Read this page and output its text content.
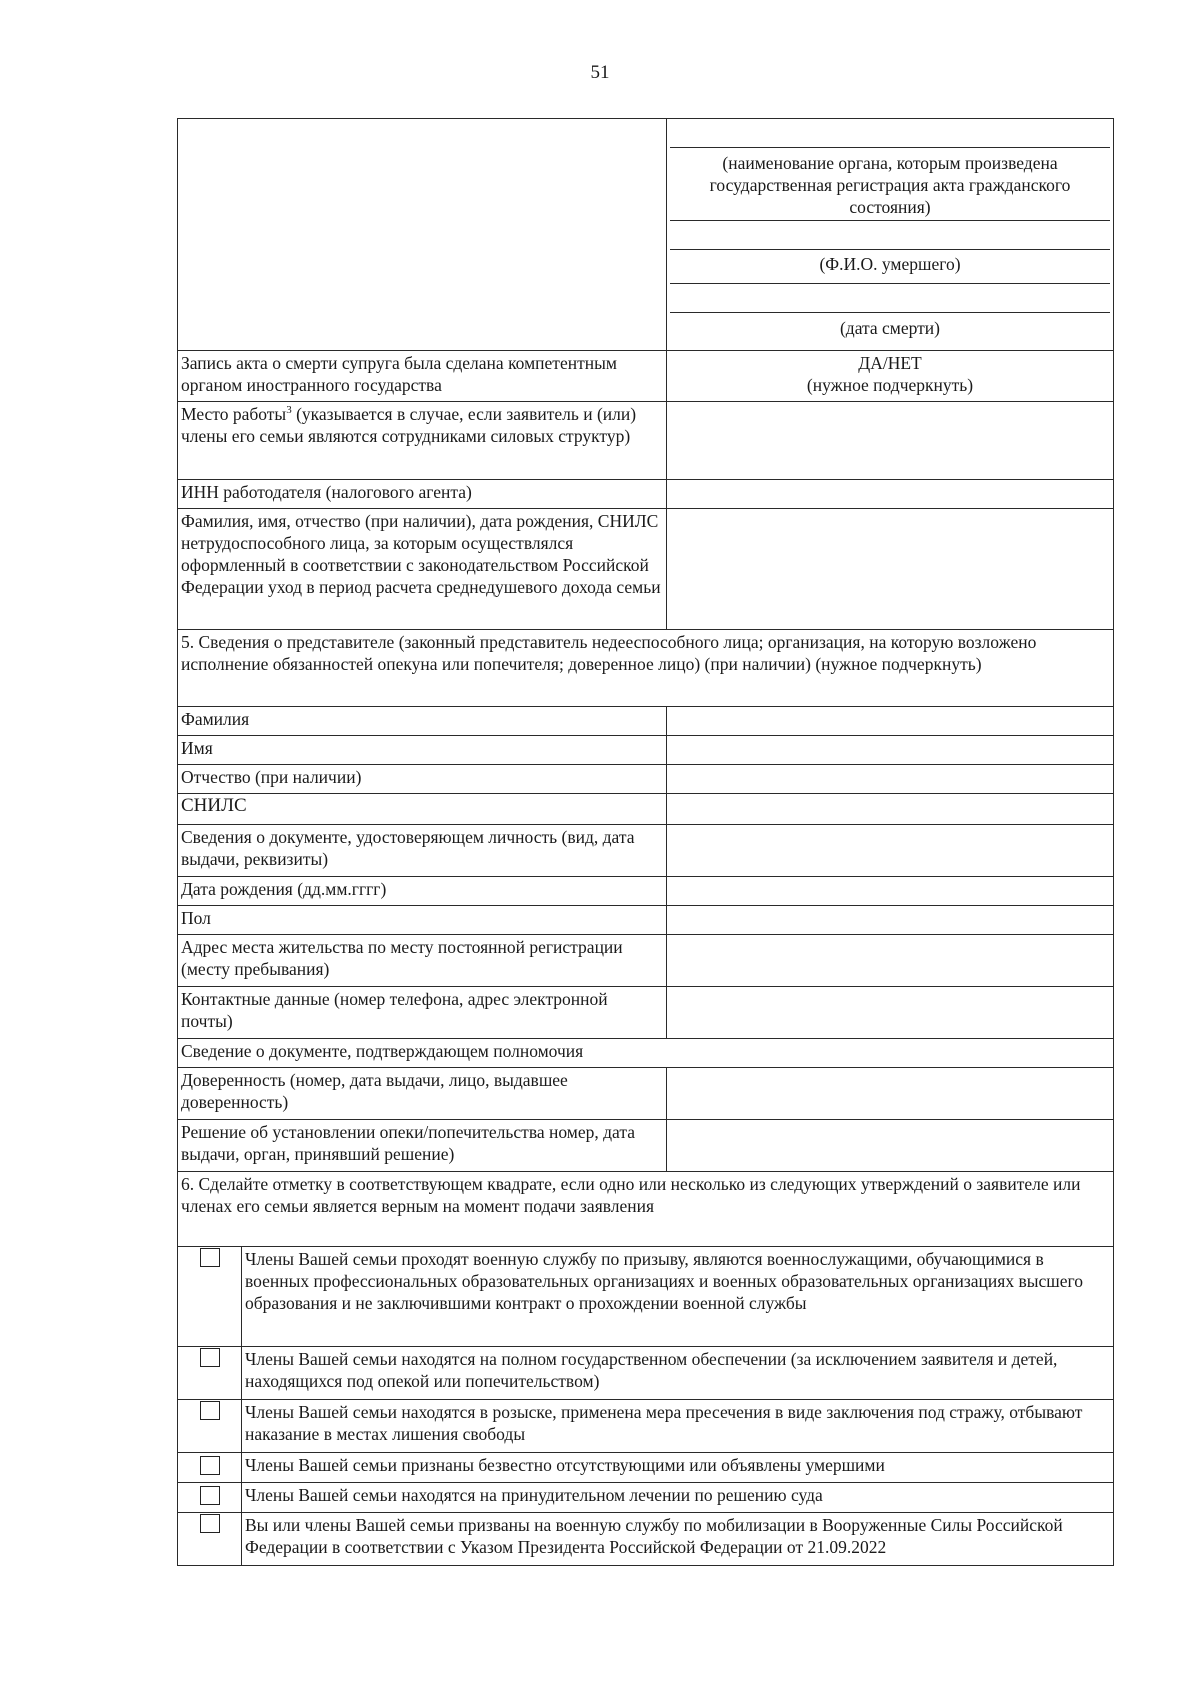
51

		(наименование органа, которым произведена государственная регистрация акта гражданского состояния)
(Ф.И.О. умершего)
(дата смерти)

Запись акта о смерти супруга была сделана компетентным органом иностранного государства		ДА/НЕТ
(нужное подчеркнуть)

Место работы$^3$ (указывается в случае, если заявитель и (или) члены его семьи являются сотрудниками силовых структур)		
ИНН работодателя (налогового агента)		
Фамилия, имя, отчество (при наличии), дата рождения, СНИЛС нетрудоспособного лица, за которым осуществлялся оформленный в соответствии с законодательством Российской Федерации уход в период расчета среднедушевого дохода семьи		
5. Сведения о представителе (законный представитель недееспособного лица; организация, на которую возложено исполнение обязанностей опекуна или попечителя; доверенное лицо) (при наличии) (нужное подчеркнуть)		
Фамилия		
Имя		
Отчество (при наличии)		
СНИЛС		
Сведения о документе, удостоверяющем личность (вид, дата выдачи, реквизиты)		
Дата рождения (дд.мм.гггг)		
Пол		
Адрес места жительства по месту постоянной регистрации (месту пребывания)		
Контактные данные (номер телефона, адрес электронной почты)		
Сведение о документе, подтверждающем полномочия		
Доверенность (номер, дата выдачи, лицо, выдавшее доверенность)		
Решение об установлении опеки/попечительства номер, дата выдачи, орган, принявший решение)		
6. Сделайте отметку в соответствующем квадрате, если одно или несколько из следующих утверждений о заявителе или членах его семьи является верным на момент подачи заявления		
	Члены Вашей семьи проходят военную службу по призыву, являются военнослужащими, обучающимися в военных профессиональных образовательных организациях и военных образовательных организациях высшего образования и не заключившими контракт о прохождении военной службы	
	Члены Вашей семьи находятся на полном государственном обеспечении (за исключением заявителя и детей, находящихся под опекой или попечительством)	
	Члены Вашей семьи находятся в розыске, применена мера пресечения в виде заключения под стражу, отбывают наказание в местах лишения свободы	
	Члены Вашей семьи признаны безвестно отсутствующими или объявлены умершими	
	Члены Вашей семьи находятся на принудительном лечении по решению суда	
	Вы или члены Вашей семьи призваны на военную службу по мобилизации в Вооруженные Силы Российской Федерации в соответствии с Указом Президента Российской Федерации от 21.09.2022	
